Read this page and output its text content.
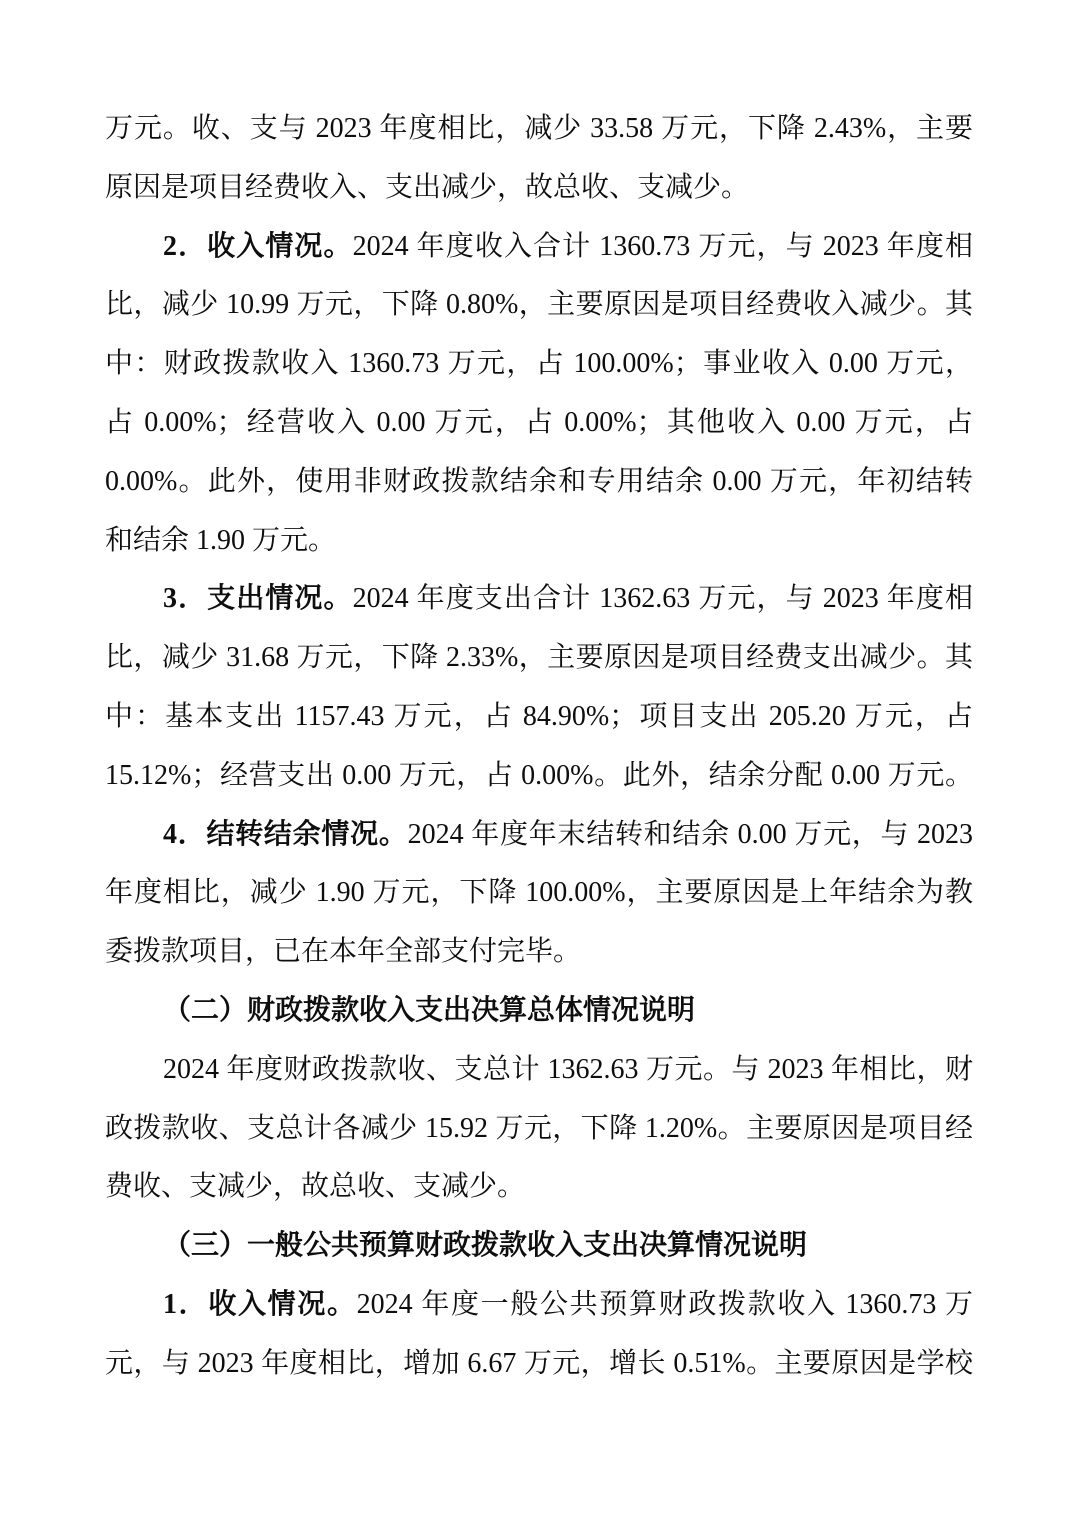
万元。收、支与 2023 年度相比，减少 33.58 万元，下降 2.43%，主要
原因是项目经费收入、支出减少，故总收、支减少。
2．收入情况。2024 年度收入合计 1360.73 万元，与 2023 年度相
比，减少 10.99 万元，下降 0.80%，主要原因是项目经费收入减少。其
中：财政拨款收入 1360.73 万元，占 100.00%；事业收入 0.00 万元，
占 0.00%；经营收入 0.00 万元，占 0.00%；其他收入 0.00 万元，占
0.00%。此外，使用非财政拨款结余和专用结余 0.00 万元，年初结转
和结余 1.90 万元。
3．支出情况。2024 年度支出合计 1362.63 万元，与 2023 年度相
比，减少 31.68 万元，下降 2.33%，主要原因是项目经费支出减少。其
中：基本支出 1157.43 万元，占 84.90%；项目支出 205.20 万元，占
15.12%；经营支出 0.00 万元，占 0.00%。此外，结余分配 0.00 万元。
4．结转结余情况。2024 年度年末结转和结余 0.00 万元，与 2023
年度相比，减少 1.90 万元，下降 100.00%，主要原因是上年结余为教
委拨款项目，已在本年全部支付完毕。
（二）财政拨款收入支出决算总体情况说明
2024 年度财政拨款收、支总计 1362.63 万元。与 2023 年相比，财
政拨款收、支总计各减少 15.92 万元，下降 1.20%。主要原因是项目经
费收、支减少，故总收、支减少。
（三）一般公共预算财政拨款收入支出决算情况说明
1．收入情况。2024 年度一般公共预算财政拨款收入 1360.73 万
元，与 2023 年度相比，增加 6.67 万元，增长 0.51%。主要原因是学校
